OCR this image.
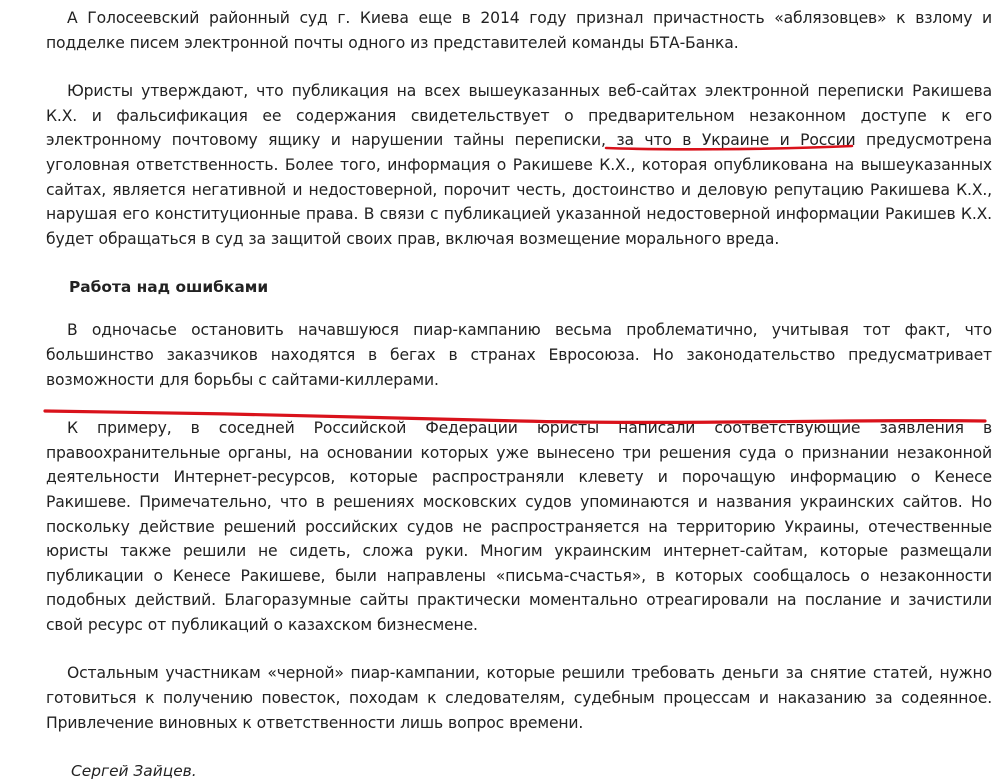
А Голосеевский районный суд г. Киева еще в 2014 году признал причастность «аблязовцев» к взлому и подделке писем электронной почты одного из представителей команды БТА-Банка.

Юристы утверждают, что публикация на всех вышеуказанных веб-сайтах электронной переписки Ракишева К.Х. и фальсификация ее содержания свидетельствует о предварительном незаконном доступе к его электронному почтовому ящику и нарушении тайны переписки, за что в Украине и России предусмотрена уголовная ответственность. Более того, информация о Ракишеве К.Х., которая опубликована на вышеуказанных сайтах, является негативной и недостоверной, порочит честь, достоинство и деловую репутацию Ракишева К.Х., нарушая его конституционные права. В связи с публикацией указанной недостоверной информации Ракишев К.Х. будет обращаться в суд за защитой своих прав, включая возмещение морального вреда.

Работа над ошибками

В одночасье остановить начавшуюся пиар-кампанию весьма проблематично, учитывая тот факт, что большинство заказчиков находятся в бегах в странах Евросоюза. Но законодательство предусматривает возможности для борьбы с сайтами-киллерами.

К примеру, в соседней Российской Федерации юристы написали соответствующие заявления в правоохранительные органы, на основании которых уже вынесено три решения суда о признании незаконной деятельности Интернет-ресурсов, которые распространяли клевету и порочащую информацию о Кенесе Ракишеве. Примечательно, что в решениях московских судов упоминаются и названия украинских сайтов. Но поскольку действие решений российских судов не распространяется на территорию Украины, отечественные юристы также решили не сидеть, сложа руки. Многим украинским интернет-сайтам, которые размещали публикации о Кенесе Ракишеве, были направлены «письма-счастья», в которых сообщалось о незаконности подобных действий. Благоразумные сайты практически моментально отреагировали на послание и зачистили свой ресурс от публикаций о казахском бизнесмене.

Остальным участникам «черной» пиар-кампании, которые решили требовать деньги за снятие статей, нужно готовиться к получению повесток, походам к следователям, судебным процессам и наказанию за содеянное. Привлечение виновных к ответственности лишь вопрос времени.

Сергей Зайцев.
